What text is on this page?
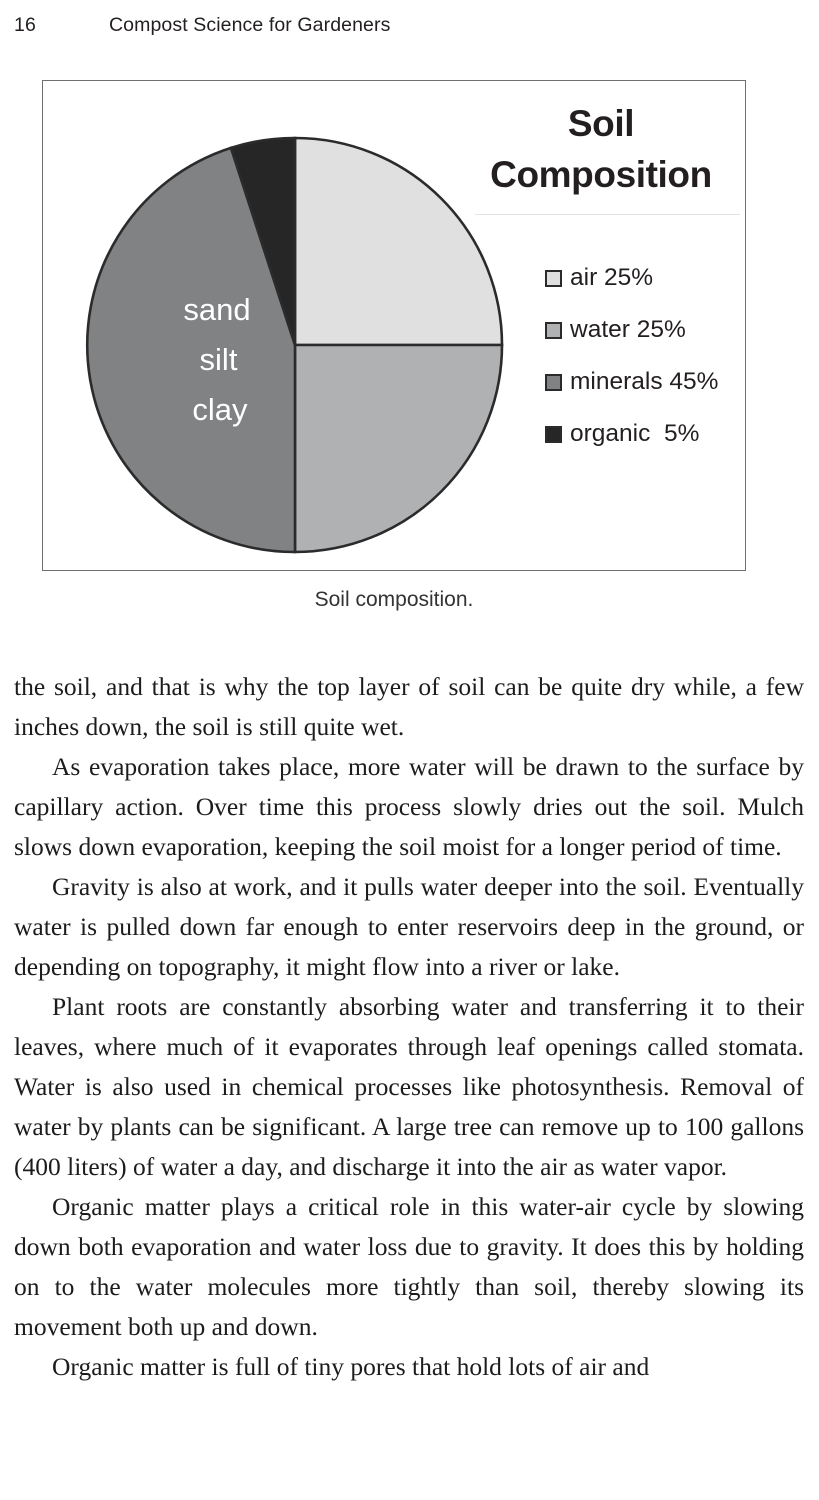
16	Compost Science for Gardeners
sand
silt
clay
Soil Composition
air 25%
water 25%
minerals 45%
organic  5%
Soil composition.

the soil, and that is why the top layer of soil can be quite dry while, a few inches down, the soil is still quite wet.

As evaporation takes place, more water will be drawn to the surface by capillary action. Over time this process slowly dries out the soil. Mulch slows down evaporation, keeping the soil moist for a longer period of time.

Gravity is also at work, and it pulls water deeper into the soil. Eventually water is pulled down far enough to enter reservoirs deep in the ground, or depending on topography, it might flow into a river or lake.

Plant roots are constantly absorbing water and transferring it to their leaves, where much of it evaporates through leaf openings called stomata. Water is also used in chemical processes like photosynthesis. Removal of water by plants can be significant. A large tree can remove up to 100 gallons (400 liters) of water a day, and discharge it into the air as water vapor.

Organic matter plays a critical role in this water-air cycle by slowing down both evaporation and water loss due to gravity. It does this by holding on to the water molecules more tightly than soil, thereby slowing its movement both up and down.

Organic matter is full of tiny pores that hold lots of air and
